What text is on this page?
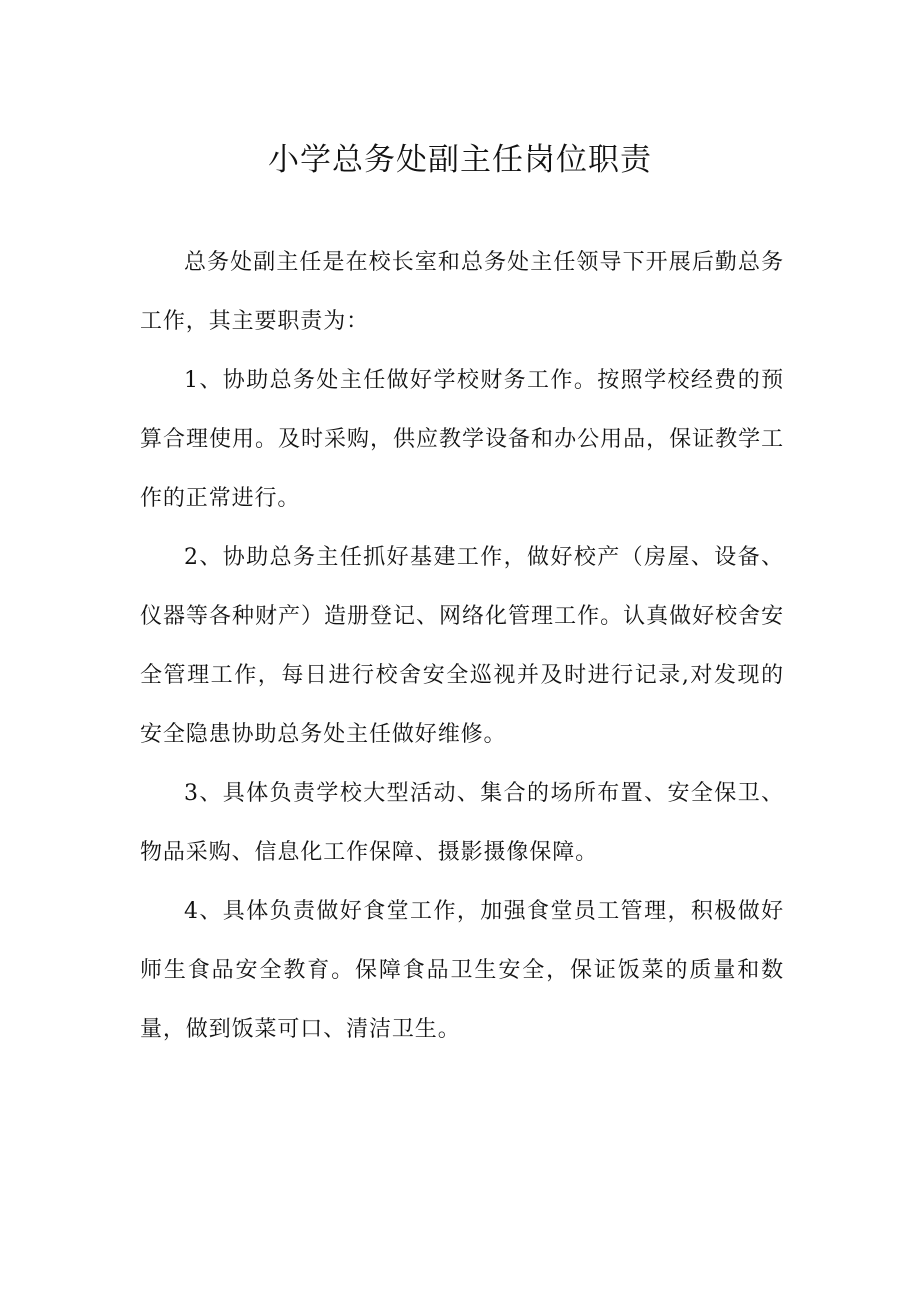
小学总务处副主任岗位职责

总务处副主任是在校长室和总务处主任领导下开展后勤总务工作，其主要职责为：

1、协助总务处主任做好学校财务工作。按照学校经费的预算合理使用。及时采购，供应教学设备和办公用品，保证教学工作的正常进行。

2、协助总务主任抓好基建工作，做好校产（房屋、设备、仪器等各种财产）造册登记、网络化管理工作。认真做好校舍安全管理工作，每日进行校舍安全巡视并及时进行记录,对发现的安全隐患协助总务处主任做好维修。

3、具体负责学校大型活动、集合的场所布置、安全保卫、物品采购、信息化工作保障、摄影摄像保障。

4、具体负责做好食堂工作，加强食堂员工管理，积极做好师生食品安全教育。保障食品卫生安全，保证饭菜的质量和数量，做到饭菜可口、清洁卫生。
